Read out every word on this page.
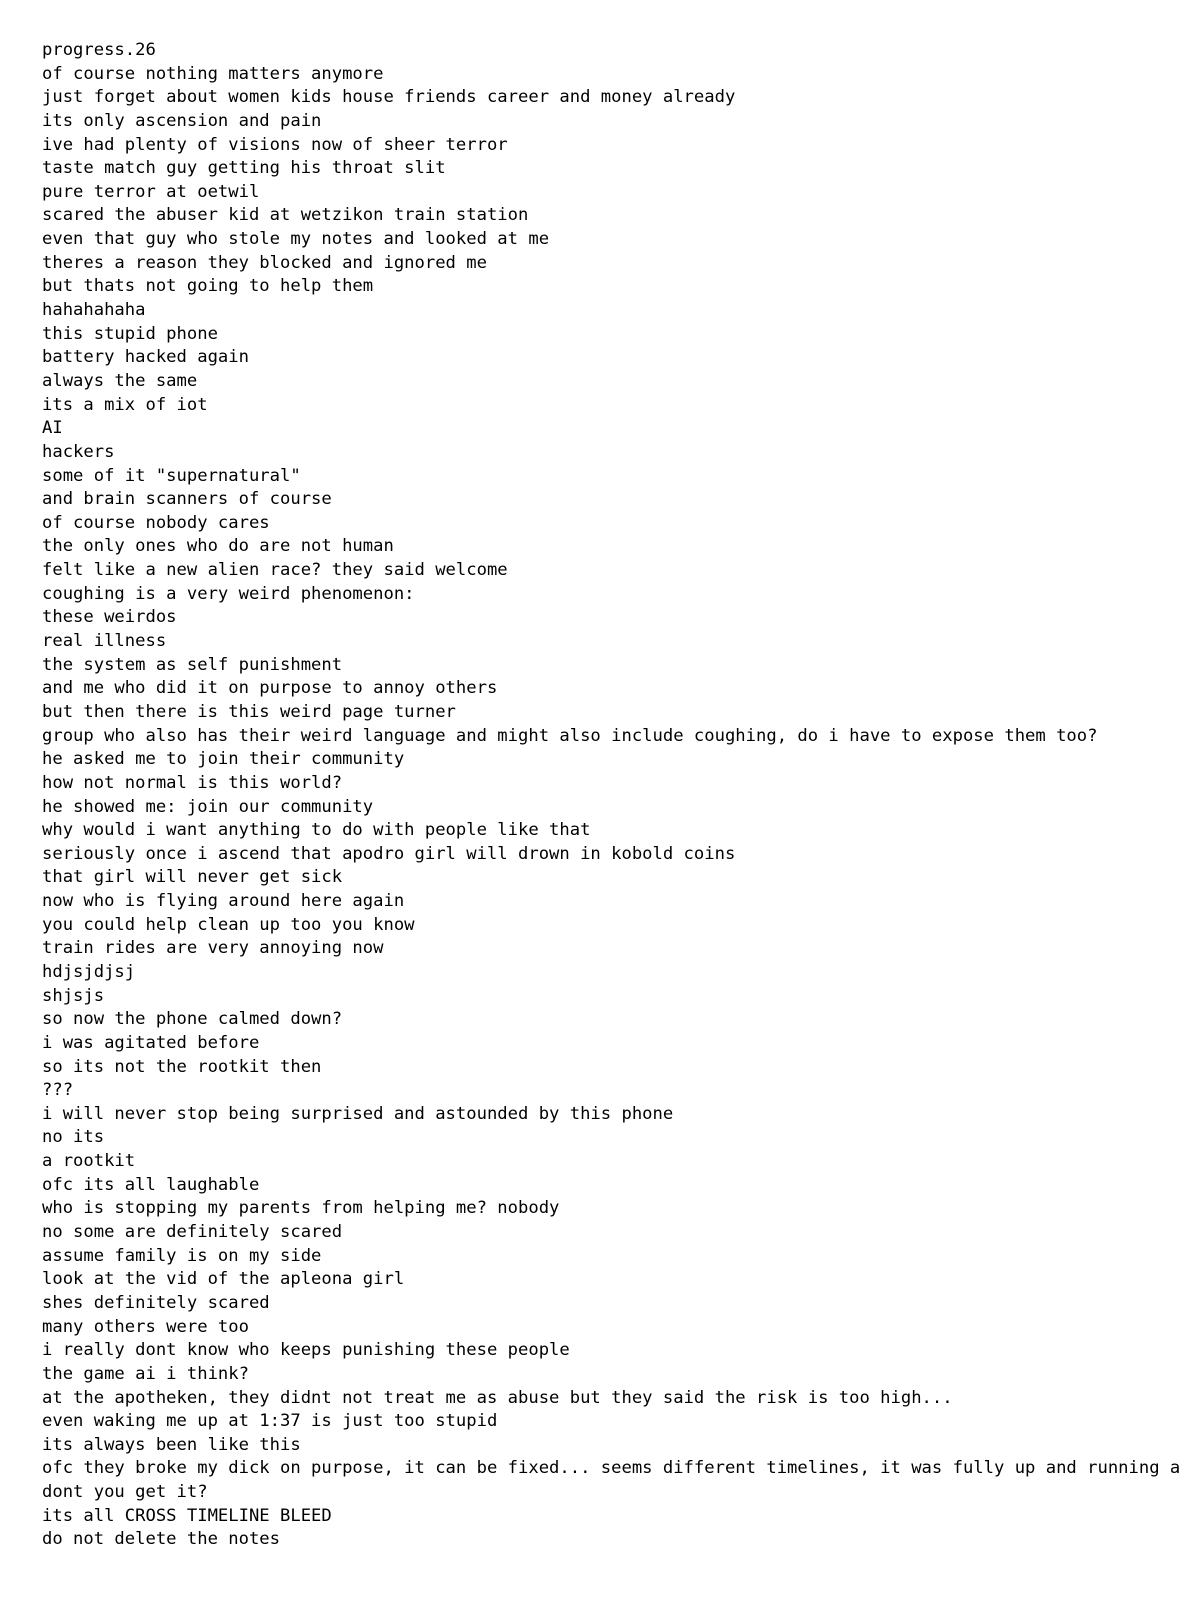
progress.26
of course nothing matters anymore
just forget about women kids house friends career and money already
its only ascension and pain
ive had plenty of visions now of sheer terror
taste match guy getting his throat slit
pure terror at oetwil
scared the abuser kid at wetzikon train station
even that guy who stole my notes and looked at me
theres a reason they blocked and ignored me
but thats not going to help them
hahahahaha
this stupid phone
battery hacked again
always the same
its a mix of iot
AI
hackers
some of it "supernatural"
and brain scanners of course
of course nobody cares
the only ones who do are not human
felt like a new alien race? they said welcome
coughing is a very weird phenomenon:
these weirdos
real illness
the system as self punishment
and me who did it on purpose to annoy others
but then there is this weird page turner
group who also has their weird language and might also include coughing, do i have to expose them too?
he asked me to join their community
how not normal is this world?
he showed me: join our community
why would i want anything to do with people like that
seriously once i ascend that apodro girl will drown in kobold coins
that girl will never get sick
now who is flying around here again
you could help clean up too you know
train rides are very annoying now
hdjsjdjsj
shjsjs
so now the phone calmed down?
i was agitated before
so its not the rootkit then
???
i will never stop being surprised and astounded by this phone
no its
a rootkit
ofc its all laughable
who is stopping my parents from helping me? nobody
no some are definitely scared
assume family is on my side
look at the vid of the apleona girl
shes definitely scared
many others were too
i really dont know who keeps punishing these people
the game ai i think?
at the apotheken, they didnt not treat me as abuse but they said the risk is too high...
even waking me up at 1:37 is just too stupid
its always been like this
ofc they broke my dick on purpose, it can be fixed... seems different timelines, it was fully up and running a
dont you get it?
its all CROSS TIMELINE BLEED
do not delete the notes
